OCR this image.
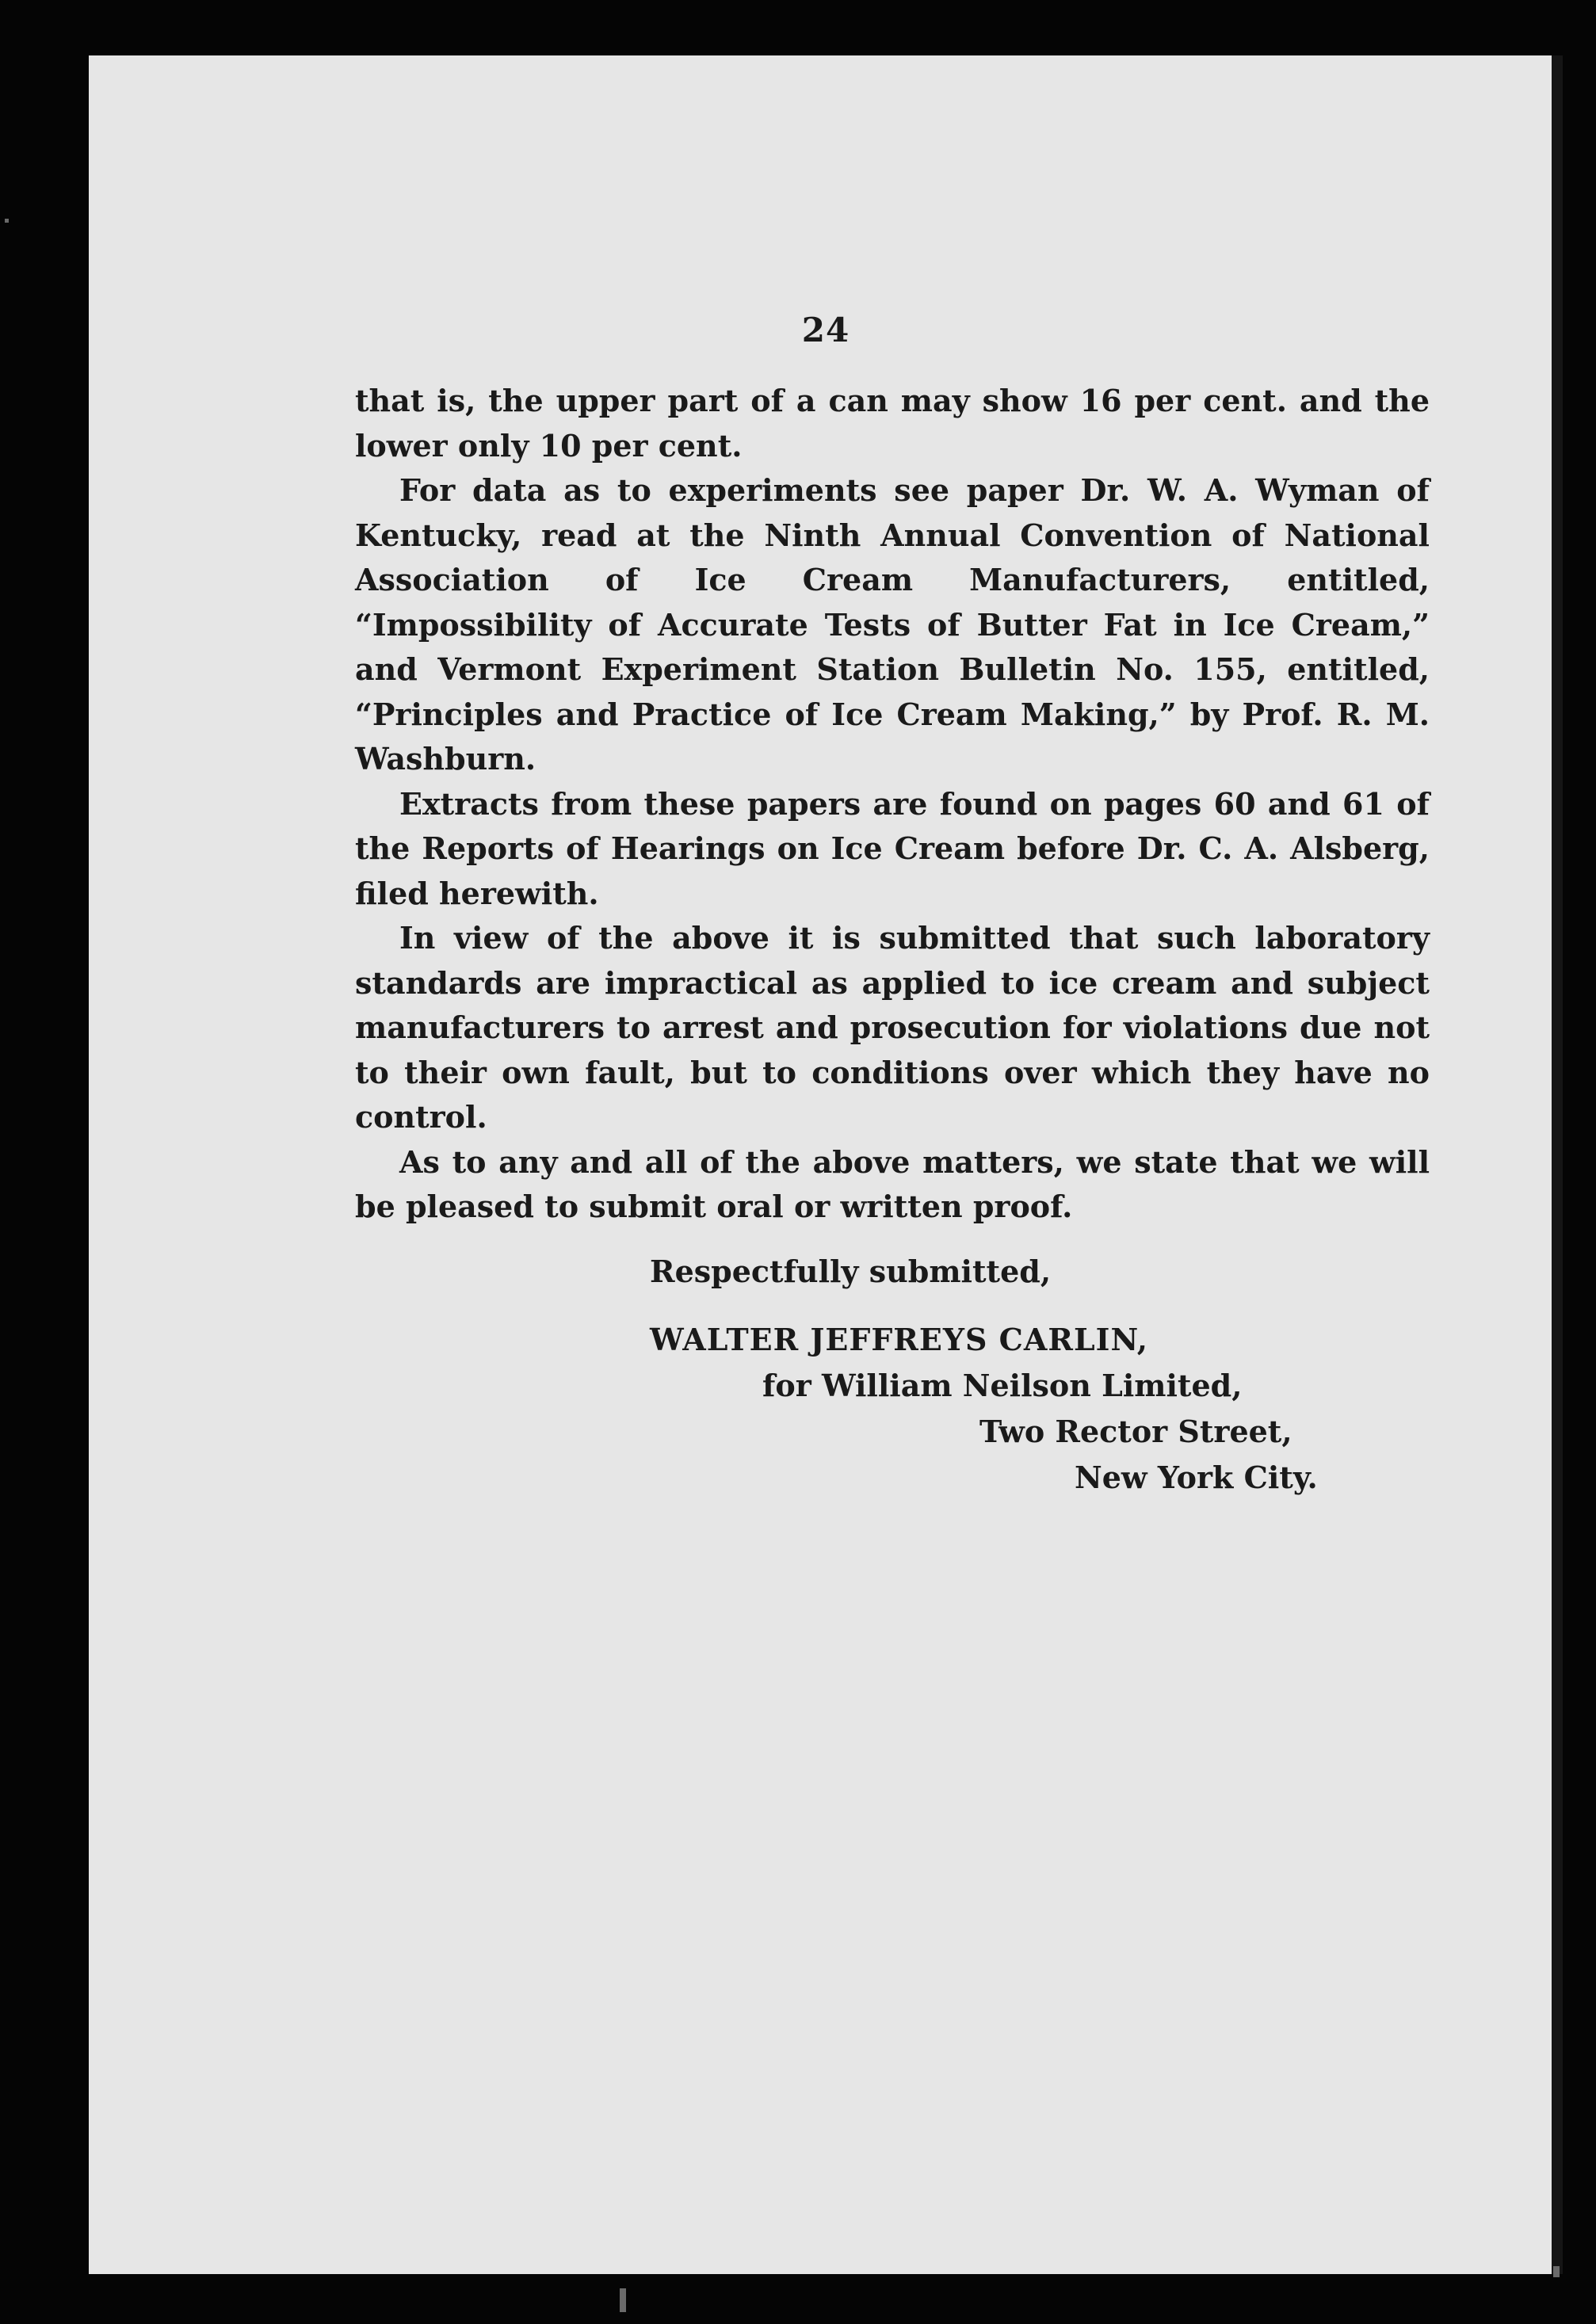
24

that is, the upper part of a can may show 16 per cent. and the lower only 10 per cent.

For data as to experiments see paper Dr. W. A. Wyman of Kentucky, read at the Ninth Annual Convention of National Association of Ice Cream Manufacturers, entitled, “Impossibility of Accurate Tests of Butter Fat in Ice Cream,” and Vermont Experiment Station Bulletin No. 155, entitled, “Principles and Practice of Ice Cream Making,” by Prof. R. M. Washburn.

Extracts from these papers are found on pages 60 and 61 of the Reports of Hearings on Ice Cream before Dr. C. A. Alsberg, filed herewith.

In view of the above it is submitted that such laboratory standards are impractical as applied to ice cream and subject manufacturers to arrest and prosecution for violations due not to their own fault, but to conditions over which they have no control.

As to any and all of the above matters, we state that we will be pleased to submit oral or written proof.

Respectfully submitted,
WALTER JEFFREYS CARLIN,
for William Neilson Limited,
Two Rector Street,
New York City.
